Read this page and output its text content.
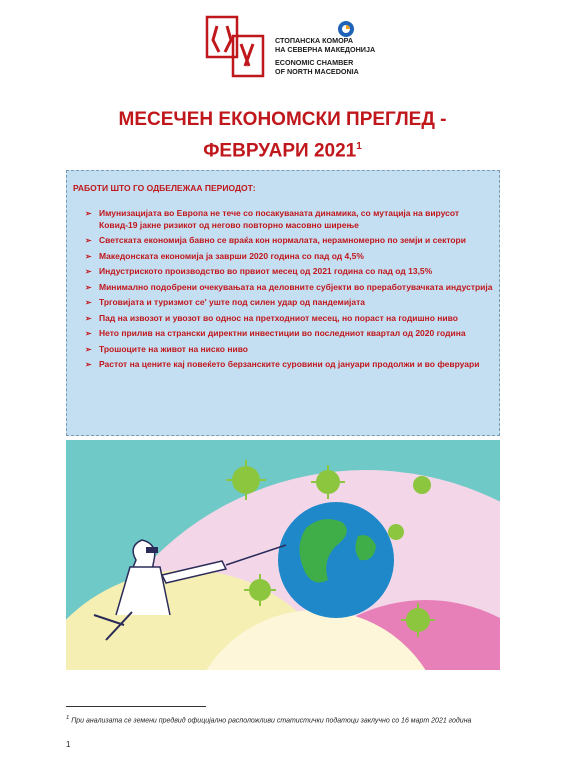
СТОПАНСКА КОМОРА
НА СЕВЕРНА МАКЕДОНИЈА
ECONOMIC CHAMBER
OF NORTH MACEDONIA
МЕСЕЧЕН ЕКОНОМСКИ ПРЕГЛЕД -
ФЕВРУАРИ 2021$^1$
РАБОТИ ШТО ГО ОДБЕЛЕЖАА ПЕРИОДОТ:
➢ Имунизацијата во Европа не тече со посакуваната динамика, со мутација на вирусот Ковид-19 јакне ризикот од негово повторно масовно ширење
➢ Светската економија бавно се враќа кон нормалата, нерамномерно по земји и сектори
➢ Македонската економија ја заврши 2020 година со пад од 4,5%
➢ Индустриското производство во првиот месец од 2021 година со пад од 13,5%
➢ Минимално подобрени очекувањата на деловните субјекти во преработувачката индустрија
➢ Трговијата и туризмот се' уште под силен удар од пандемијата
➢ Пад на извозот и увозот во однос на претходниот месец, но пораст на годишно ниво
➢ Нето прилив на странски директни инвестиции во последниот квартал од 2020 година
➢ Трошоците на живот на ниско ниво
➢ Растот на цените кај повеќето берзанските суровини од јануари продолжи и во февруари
$^1$ При анализата се земени предвид официјално расположливи статистички податоци заклучно со 16 март 2021 година
1
